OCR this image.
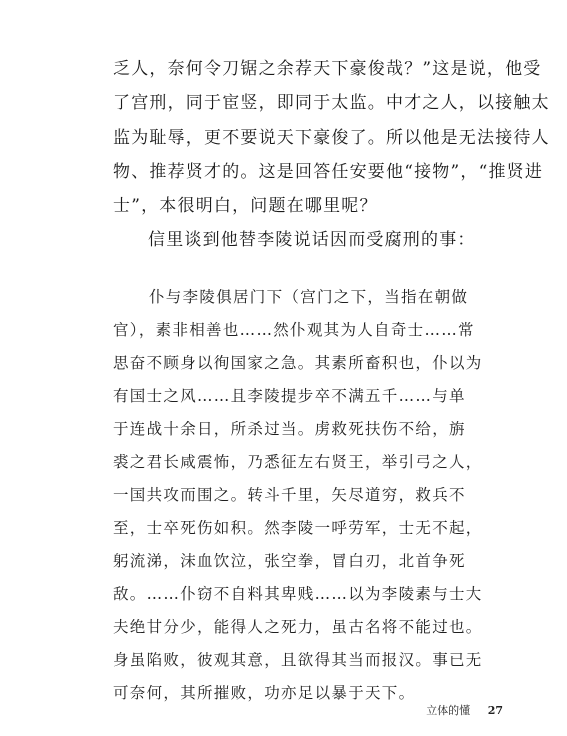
乏人，奈何令刀锯之余荐天下豪俊哉？”这是说，他受
了宫刑，同于宦竖，即同于太监。中才之人，以接触太
监为耻辱，更不要说天下豪俊了。所以他是无法接待人
物、推荐贤才的。这是回答任安要他“接物”，“推贤进
士”，本很明白，问题在哪里呢？
信里谈到他替李陵说话因而受腐刑的事：
仆与李陵俱居门下（宫门之下，当指在朝做
官），素非相善也……然仆观其为人自奇士……常
思奋不顾身以徇国家之急。其素所畜积也，仆以为
有国士之风……且李陵提步卒不满五千……与单
于连战十余日，所杀过当。虏救死扶伤不给，旃
裘之君长咸震怖，乃悉征左右贤王，举引弓之人，
一国共攻而围之。转斗千里，矢尽道穷，救兵不
至，士卒死伤如积。然李陵一呼劳军，士无不起，
躬流涕，沫血饮泣，张空拳，冒白刃，北首争死
敌。……仆窃不自料其卑贱……以为李陵素与士大
夫绝甘分少，能得人之死力，虽古名将不能过也。
身虽陷败，彼观其意，且欲得其当而报汉。事已无
可奈何，其所摧败，功亦足以暴于天下。
立体的懂 27
